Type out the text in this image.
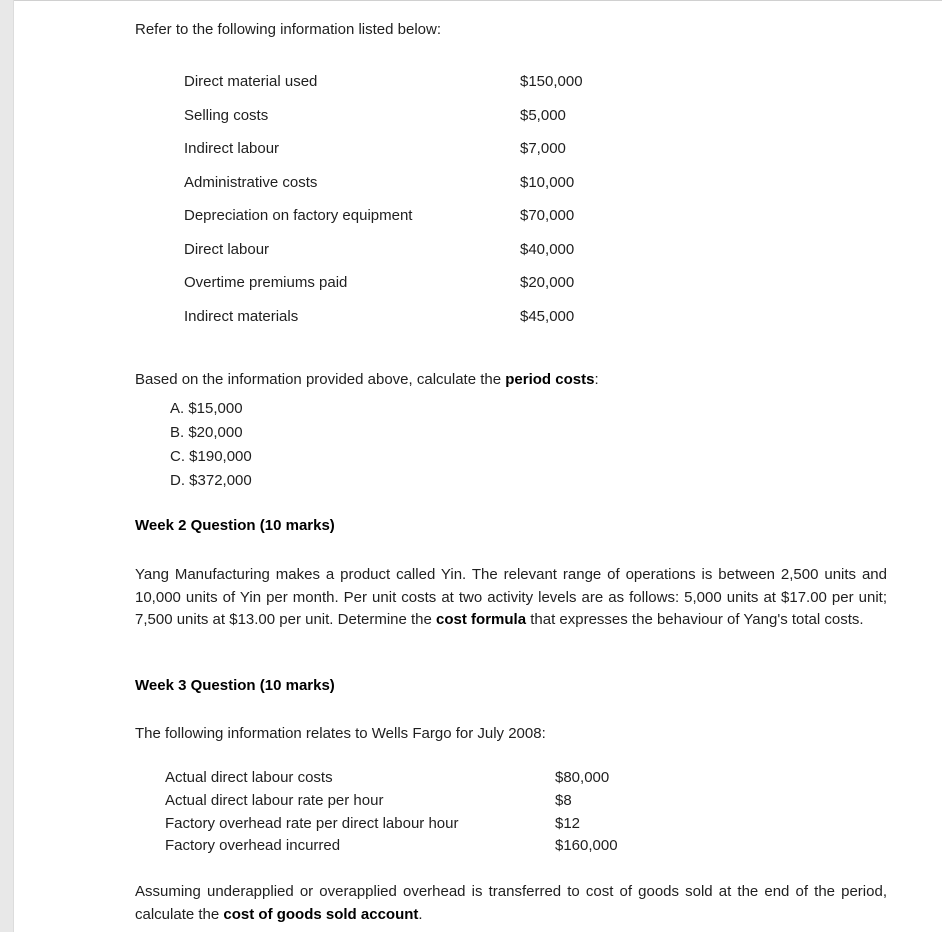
Refer to the following information listed below:
Direct material used	$150,000
Selling costs	$5,000
Indirect labour	$7,000
Administrative costs	$10,000
Depreciation on factory equipment	$70,000
Direct labour	$40,000
Overtime premiums paid	$20,000
Indirect materials	$45,000
Based on the information provided above, calculate the period costs:
A. $15,000
B. $20,000
C. $190,000
D. $372,000
Week 2 Question (10 marks)
Yang Manufacturing makes a product called Yin. The relevant range of operations is between 2,500 units and 10,000 units of Yin per month. Per unit costs at two activity levels are as follows: 5,000 units at $17.00 per unit; 7,500 units at $13.00 per unit. Determine the cost formula that expresses the behaviour of Yang's total costs.
Week 3 Question (10 marks)
The following information relates to Wells Fargo for July 2008:
Actual direct labour costs	$80,000
Actual direct labour rate per hour	$8
Factory overhead rate per direct labour hour	$12
Factory overhead incurred	$160,000
Assuming underapplied or overapplied overhead is transferred to cost of goods sold at the end of the period, calculate the cost of goods sold account.
